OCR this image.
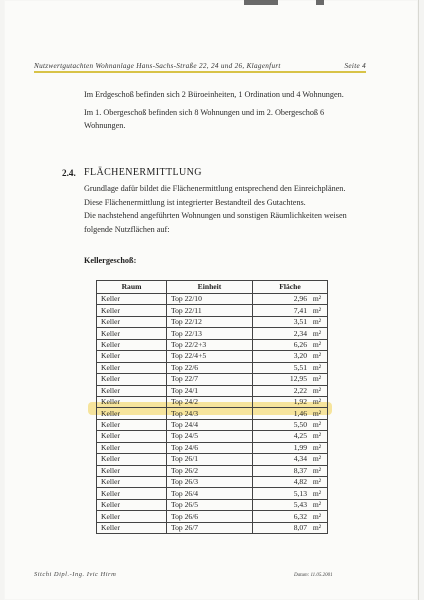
Nutzwertgutachten Wohnanlage Hans-Sachs-Straße 22, 24 und 26, Klagenfurt	Seite 4
Im Erdgeschoß befinden sich 2 Büroeinheiten, 1 Ordination und 4 Wohnungen.
Im 1. Obergeschoß befinden sich 8 Wohnungen und im 2. Obergeschoß 6
Wohnungen.
2.4. FLÄCHENERMITTLUNG
Grundlage dafür bildet die Flächenermittlung entsprechend den Einreichplänen.
Diese Flächenermittlung ist integrierter Bestandteil des Gutachtens.
Die nachstehend angeführten Wohnungen und sonstigen Räumlichkeiten weisen
folgende Nutzflächen auf:
Kellergeschoß:
Raum	Einheit	Fläche
Keller	Top 22/10	2,96 m²
Keller	Top 22/11	7,41 m²
Keller	Top 22/12	3,51 m²
Keller	Top 22/13	2,34 m²
Keller	Top 22/2+3	6,26 m²
Keller	Top 22/4+5	3,20 m²
Keller	Top 22/6	5,51 m²
Keller	Top 22/7	12,95 m²
Keller	Top 24/1	2,22 m²
Keller	Top 24/2	1,92 m²
Keller	Top 24/3	1,46 m²
Keller	Top 24/4	5,50 m²
Keller	Top 24/5	4,25 m²
Keller	Top 24/6	1,99 m²
Keller	Top 26/1	4,34 m²
Keller	Top 26/2	8,37 m²
Keller	Top 26/3	4,82 m²
Keller	Top 26/4	5,13 m²
Keller	Top 26/5	5,43 m²
Keller	Top 26/6	6,32 m²
Keller	Top 26/7	8,07 m²
Sitchi Dipl.-Ing. Ivic Hirm	Datum: 11.05.2001
